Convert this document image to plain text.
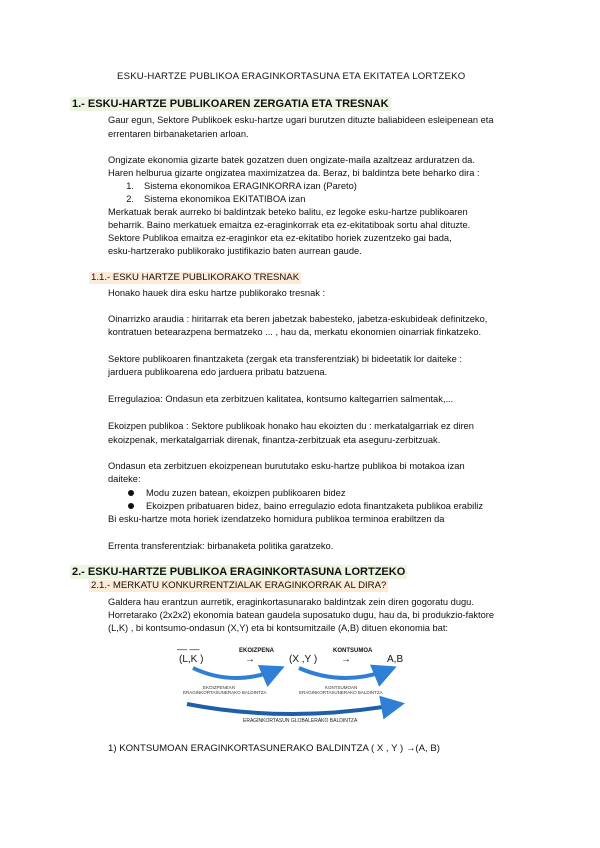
ESKU-HARTZE PUBLIKOA ERAGINKORTASUNA ETA EKITATEA LORTZEKO
1.- ESKU-HARTZE PUBLIKOAREN ZERGATIA ETA TRESNAK
Gaur egun, Sektore Publikoek esku-hartze ugari burutzen dituzte baliabideen esleipenean eta
errentaren birbanaketarien arloan.
Ongizate ekonomia gizarte batek gozatzen duen ongizate-maila azaltzeaz arduratzen da.
Haren helburua gizarte ongizatea maximizatzea da. Beraz, bi baldintza bete beharko dira :
1. Sistema ekonomikoa ERAGINKORRA izan (Pareto)
2. Sistema ekonomikoa EKITATIBOA izan
Merkatuak berak aurreko bi baldintzak beteko balitu, ez legoke esku-hartze publikoaren
beharrik. Baino merkatuek emaitza ez-eraginkorrak eta ez-ekitatiboak sortu ahal dituzte.
Sektore Publikoa emaitza ez-eraginkor eta ez-ekitatibo horiek zuzentzeko gai bada,
esku-hartzerako publikorako justifikazio baten aurrean gaude.
1.1.- ESKU HARTZE PUBLIKORAKO TRESNAK
Honako hauek dira esku hartze publikorako tresnak :
Oinarrizko araudia : hiritarrak eta beren jabetzak babesteko, jabetza-eskubideak definitzeko,
kontratuen betearazpena bermatzeko ... , hau da, merkatu ekonomien oinarriak finkatzeko.
Sektore publikoaren finantzaketa (zergak eta transferentziak) bi bideetatik lor daiteke :
jarduera publikoarena edo jarduera pribatu batzuena.
Erregulazioa: Ondasun eta zerbitzuen kalitatea, kontsumo kaltegarrien salmentak,...
Ekoizpen publikoa : Sektore publikoak honako hau ekoizten du : merkatalgarriak ez diren
ekoizpenak, merkatalgarriak direnak, finantza-zerbitzuak eta aseguru-zerbitzuak.
Ondasun eta zerbitzuen ekoizpenean burututako esku-hartze publikoa bi motakoa izan
daiteke:
Modu zuzen batean, ekoizpen publikoaren bidez
Ekoizpen pribatuaren bidez, baino erregulazio edota finantzaketa publikoa erabiliz
Bi esku-hartze mota horiek izendatzeko hornidura publikoa terminoa erabiltzen da
Errenta transferentziak: birbanaketa politika garatzeko.
2.- ESKU-HARTZE PUBLIKOA ERAGINKORTASUNA LORTZEKO
2.1.- MERKATU KONKURRENTZIALAK ERAGINKORRAK AL DIRA?
Galdera hau erantzun aurretik, eraginkortasunarako baldintzak zein diren gogoratu dugu.
Horretarako (2x2x2) ekonomia batean gaudela suposatuko dugu, hau da, bi produkzio-faktore
(L,K) , bi kontsumo-ondasun (X,Y) eta bi kontsumitzaile (A,B) dituen ekonomia bat:
__ __
(L,K )
EKOIZPENA
→	(X ,Y )
KONTSUMOA
→	A,B
EKOIZPENEAN
ERAGINKORTASUNERAKO BALDINTZA
KONTSUMOAN
ERAGINKORTASUNERAKO BALDINTZA
ERAGINKORTASUN GLOBALERAKO BALDINTZA
1) KONTSUMOAN ERAGINKORTASUNERAKO BALDINTZA ( X , Y ) →(A, B)
